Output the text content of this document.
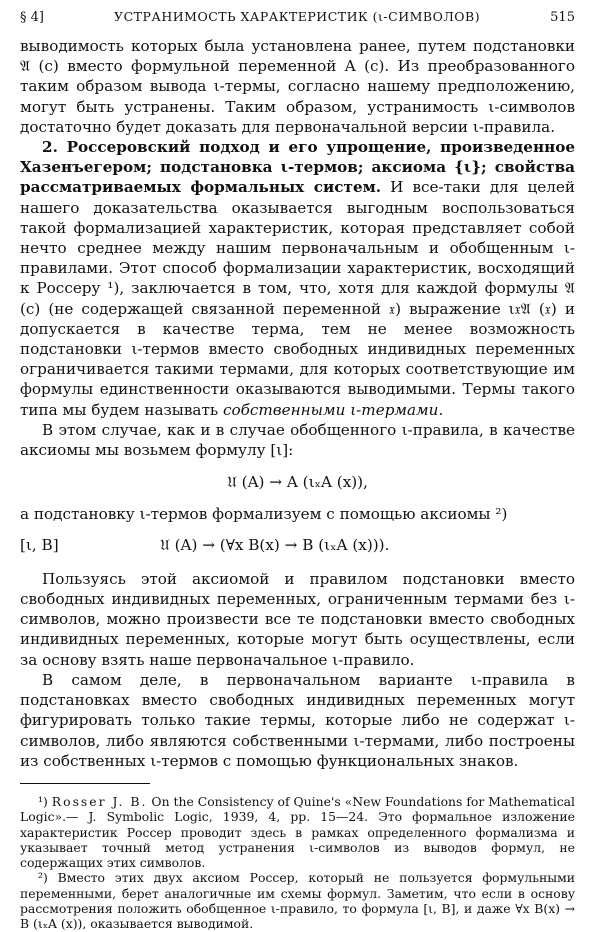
§ 4]	УСТРАНИМОСТЬ ХАРАКТЕРИСТИК (ι-СИМВОЛОВ)	515

выводимость которых была установлена ранее, путем подстановки 𝔄 (c) вместо формульной переменной A (c). Из преобразованного таким образом вывода ι-термы, согласно нашему предположению, могут быть устранены. Таким образом, устранимость ι-символов достаточно будет доказать для первоначальной версии ι-правила.

2. Россеровский подход и его упрощение, произведенное Хазенъегером; подстановка ι-термов; аксиома {ι}; свойства рассматриваемых формальных систем. И все-таки для целей нашего доказательства оказывается выгодным воспользоваться такой формализацией характеристик, которая представляет собой нечто среднее между нашим первоначальным и обобщенным ι-правилами. Этот способ формализации характеристик, восходящий к Россеру ¹), заключается в том, что, хотя для каждой формулы 𝔄 (c) (не содержащей связанной переменной 𝔵) выражение ι𝔵𝔄 (𝔵) и допускается в качестве терма, тем не менее возможность подстановки ι-термов вместо свободных индивидных переменных ограничивается такими термами, для которых соответствующие им формулы единственности оказываются выводимыми. Термы такого типа мы будем называть собственными ι-термами.

В этом случае, как и в случае обобщенного ι-правила, в качестве аксиомы мы возьмем формулу [ι]:

𝔘 (A) → A (ιₓA (x)),

а подстановку ι-термов формализуем с помощью аксиомы ²)

[ι, B]	𝔘 (A) → (∀x B(x) → B (ιₓA (x))).

Пользуясь этой аксиомой и правилом подстановки вместо свободных индивидных переменных, ограниченным термами без ι-символов, можно произвести все те подстановки вместо свободных индивидных переменных, которые могут быть осуществлены, если за основу взять наше первоначальное ι-правило.

В самом деле, в первоначальном варианте ι-правила в подстановках вместо свободных индивидных переменных могут фигурировать только такие термы, которые либо не содержат ι-символов, либо являются собственными ι-термами, либо построены из собственных ι-термов с помощью функциональных знаков.

¹) Rosser J. B. On the Consistency of Quine's «New Foundations for Mathematical Logic».— J. Symbolic Logic, 1939, 4, pp. 15—24. Это формальное изложение характеристик Россер проводит здесь в рамках определенного формализма и указывает точный метод устранения ι-символов из выводов формул, не содержащих этих символов.

²) Вместо этих двух аксиом Россер, который не пользуется формульными переменными, берет аналогичные им схемы формул. Заметим, что если в основу рассмотрения положить обобщенное ι-правило, то формула [ι, B], и даже ∀x B(x) → B (ιₓA (x)), оказывается выводимой.
